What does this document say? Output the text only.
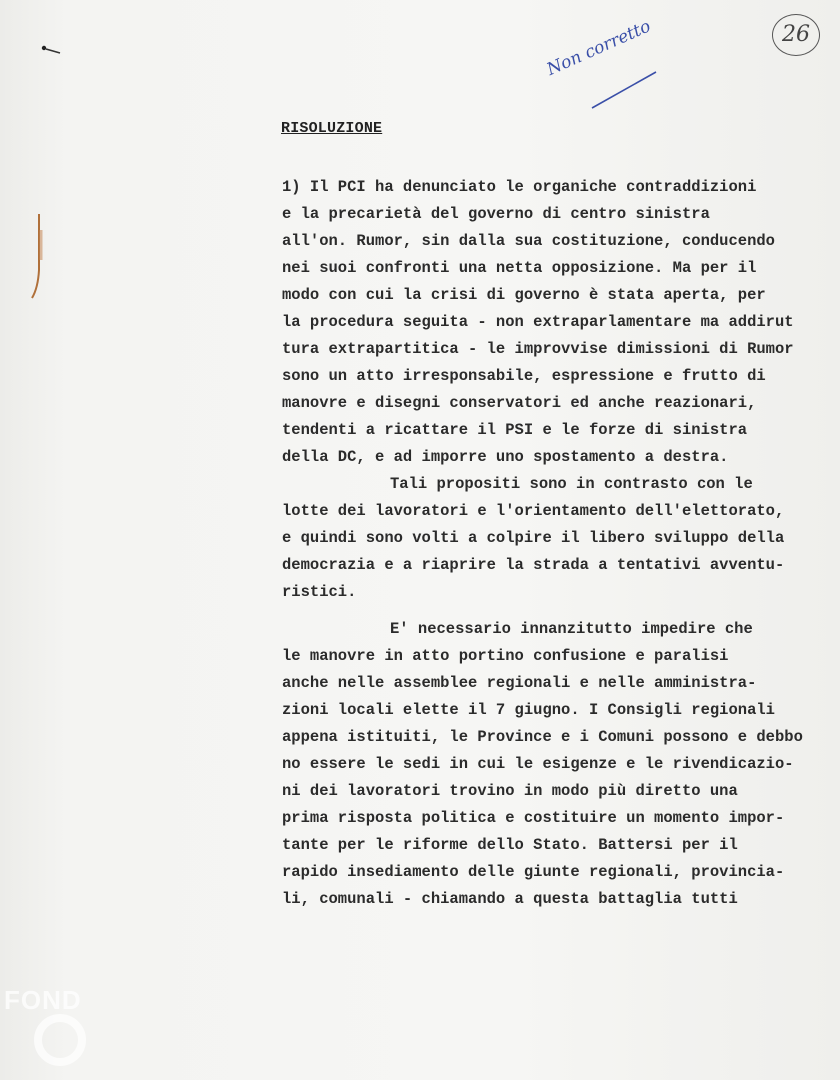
26
Non corretto
RISOLUZIONE
1) Il PCI ha denunciato le organiche contraddizioni
e la precarietà del governo di centro sinistra
all'on. Rumor, sin dalla sua costituzione, conducendo
nei suoi confronti una netta opposizione. Ma per il
modo con cui la crisi di governo è stata aperta, per
la procedura seguita - non extraparlamentare ma addirut
tura extrapartitica - le improvvise dimissioni di Rumor
sono un atto irresponsabile, espressione e frutto di
manovre e disegni conservatori ed anche reazionari,
tendenti a ricattare il PSI e le forze di sinistra
della DC, e ad imporre uno spostamento a destra.
Tali propositi sono in contrasto con le
lotte dei lavoratori e l'orientamento dell'elettorato,
e quindi sono volti a colpire il libero sviluppo della
democrazia e a riaprire la strada a tentativi avventu-
ristici.
E' necessario innanzitutto impedire che
le manovre in atto portino confusione e paralisi
anche nelle assemblee regionali e nelle amministra-
zioni locali elette il 7 giugno. I Consigli regionali
appena istituiti, le Province e i Comuni possono e debbo
no essere le sedi in cui le esigenze e le rivendicazio-
ni dei lavoratori trovino in modo più diretto una
prima risposta politica e costituire un momento impor-
tante per le riforme dello Stato. Battersi per il
rapido insediamento delle giunte regionali, provincia-
li, comunali - chiamando a questa battaglia tutti
FOND
